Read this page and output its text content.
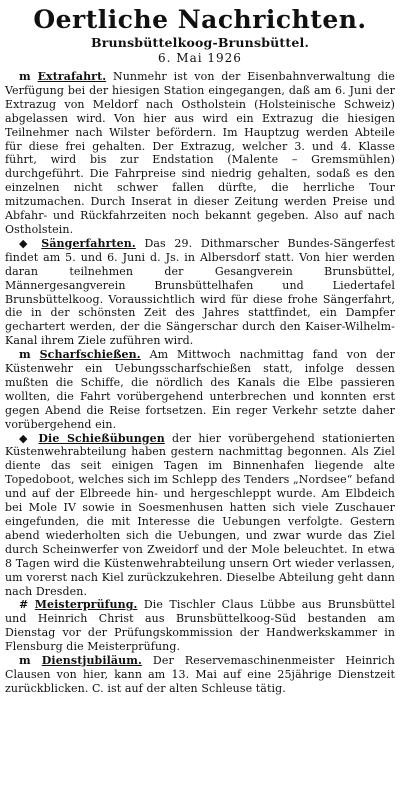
Oertliche Nachrichten.
Brunsbüttelkoog-Brunsbüttel.
6. Mai 1926

m Extrafahrt. Nunmehr ist von der Eisenbahnverwaltung die Verfügung bei der hiesigen Station eingegangen, daß am 6. Juni der Extrazug von Meldorf nach Ostholstein (Holsteinische Schweiz) abgelassen wird. Von hier aus wird ein Extrazug die hiesigen Teilnehmer nach Wilster befördern. Im Hauptzug werden Abteile für diese frei gehalten. Der Extrazug, welcher 3. und 4. Klasse führt, wird bis zur Endstation (Malente – Gremsmühlen) durchgeführt. Die Fahrpreise sind niedrig gehalten, sodaß es den einzelnen nicht schwer fallen dürfte, die herrliche Tour mitzumachen. Durch Inserat in dieser Zeitung werden Preise und Abfahr- und Rückfahrzeiten noch bekannt gegeben. Also auf nach Ostholstein.

◆ Sängerfahrten. Das 29. Dithmarscher Bundes-Sängerfest findet am 5. und 6. Juni d. Js. in Albersdorf statt. Von hier werden daran teilnehmen der Gesangverein Brunsbüttel, Männergesangverein Brunsbüttelhafen und Liedertafel Brunsbüttelkoog. Voraussichtlich wird für diese frohe Sängerfahrt, die in der schönsten Zeit des Jahres stattfindet, ein Dampfer gechartert werden, der die Sängerschar durch den Kaiser-Wilhelm-Kanal ihrem Ziele zuführen wird.

m Scharfschießen. Am Mittwoch nachmittag fand von der Küstenwehr ein Uebungsscharfschießen statt, infolge dessen mußten die Schiffe, die nördlich des Kanals die Elbe passieren wollten, die Fahrt vorübergehend unterbrechen und konnten erst gegen Abend die Reise fortsetzen. Ein reger Verkehr setzte daher vorübergehend ein.

◆ Die Schießübungen der hier vorübergehend stationierten Küstenwehrabteilung haben gestern nachmittag begonnen. Als Ziel diente das seit einigen Tagen im Binnenhafen liegende alte Topedoboot, welches sich im Schlepp des Tenders „Nordsee“ befand und auf der Elbreede hin- und hergeschleppt wurde. Am Elbdeich bei Mole IV sowie in Soesmenhusen hatten sich viele Zuschauer eingefunden, die mit Interesse die Uebungen verfolgte. Gestern abend wiederholten sich die Uebungen, und zwar wurde das Ziel durch Scheinwerfer von Zweidorf und der Mole beleuchtet. In etwa 8 Tagen wird die Küstenwehrabteilung unsern Ort wieder verlassen, um vorerst nach Kiel zurückzukehren. Dieselbe Abteilung geht dann nach Dresden.

# Meisterprüfung. Die Tischler Claus Lübbe aus Brunsbüttel und Heinrich Christ aus Brunsbüttelkoog-Süd bestanden am Dienstag vor der Prüfungskommission der Handwerkskammer in Flensburg die Meisterprüfung.

m Dienstjubiläum. Der Reservemaschinenmeister Heinrich Clausen von hier, kann am 13. Mai auf eine 25jährige Dienstzeit zurückblicken. C. ist auf der alten Schleuse tätig.
